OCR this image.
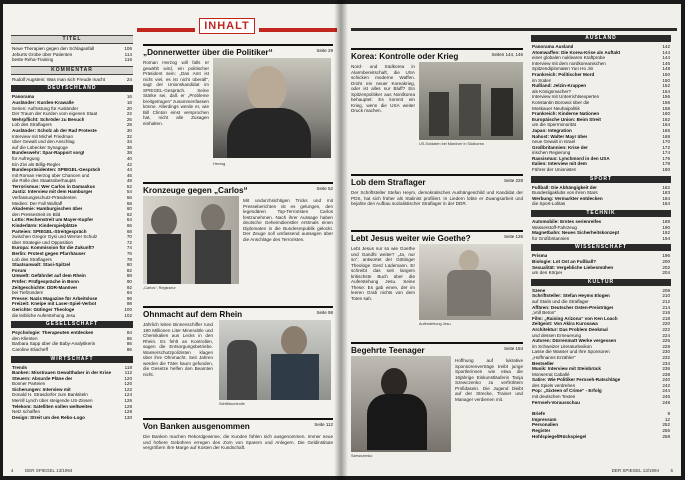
TITEL
Neue Therapien gegen den Schlaganfall	106
Jeburts Grobe über Patienten	114
beste Reha-Training	116
KOMMENTAR
Rudolf Augstein: Was man sich Freude macht	24
DEUTSCHLAND
Panorama	16
Ausländer: Kurden-Krawalle	18
Serien: Aufrüstung für Ausländer	20
Der Traum der Kurden vom eigenen Staat	22
Wehrpflicht: Schröder zu Besuch	26
Lob des Straflagers	28
Ausländer: Scholz ab der Rad Proteste	30
Interview mit Michel Friedman	32
über Gewalt und den Anschlag	34
auf die Lübecker Synagoge	36
Bundeswehr: Spar-Rapport sorgt	38
für Aufregung	40
Ein Zivi als Billig-Regler	42
Bundespräsidenten: SPIEGEL-Gespräch	44
mit Roman Herzog über Chancen und	46
die Rolle des Staatsoberhaupts	48
Terrorismus: Wer Carlos in Damaskus	52
Justiz: Interview mit dem Hamburger	54
Verfassungsschutz-Präsidenten	56
Medien: Der Fall Wallraff	58
Akademie: Hamburgischen über	60
den Pressestreit im Bild	62
Lotto: Rechenstreit um Mayer-Kupfer	64
Kinderlärm: Kinderspielplätze	66
Parteien: SPIEGEL-Streitgespräch	68
zwischen Gregor Gysi und Werner Schulz	70
über Strategie und Opposition	72
Europa: Kommission für die Zukunft?	74
Berlin: Protest gegen Pfarrhäuser	76
Lob des Straflagers	78
Staatsanwalt: Stasi-Spitzel	80
Forum	82
Umwelt: Gefährdet auf dem Rhein	88
Prüfer: Prüfgespräche in Bonn	90
Zeitgeschichte: DDR-Manöver	92
bei Tiefzündern	94
Presse: Nazis Magazine für Arbeitslose	96
Freizeit: Kneipe mit Laser-Spiel-Verbot	98
Gerichte: Gütinger Theologe	100
die leibliche Auferstehung Jesu	102
GESELLSCHAFT
Psychologie: Therapeuten entdecken	84
den Klienten	85
Barbara Sapp über die Baby-Analytikerin	86
Caroline Eliacheff	86
WIRTSCHAFT
Trends	118
Banken: Misstrauen Gewalthaber in der Krise	112
Steuern: Absurde Pläne der	120
Bonner Parteien	120
Sicherungen: Interview mit	122
Donald H. Strasdorfer zum Banktiteln	124
Merrill Lynch über steigende US-Zinsen	126
Telekom: Satelliten sollen weltweites	128
Netz schaffen	128
Design: Streit um den Rebo-Logo	130
INHALT
„Donnerwetter über die Politiker“	Seite 29

Roman Herzog will falls er gewählt wird, ein politischer Präsident sein: „Das Amt ist nicht viel, es ist nicht überall“, sagt der Unionskandidat im SPIEGEL-Gespräch. Seine Stärke sei, daß er „Probleme breitgetragen“ zusammenfassen könne. Allerdings werde er, wie Bill Clinton einst versprochen hat, nicht alle Zusagen einhalten.

Herzog
Kronzeuge gegen „Carlos“	Seite 52
„Carlos“, Regisseur

Mit undurchsichtigen Tricks und mit Presseberichten ist es gelungen, den legendären Top-Terroristen Carlos festzunehmen. Nach ihrer Aussage haben deutsche Geheimdienstler erstmals einen Diplomaten in die Bundesrepublik gelockt. Der Zeuge soll umfassend aussagen über die Anschläge des Terroristen.

Ohnmacht auf dem Rhein	Seite 98

Jährlich leiten Binnenschiffer rund 180 Millionen Liter Mineralöle und Chemikalien aus Lecks in den Rhein. Es fehlt an Kontrollen, sagen die Entsorgungsbetriebe. Wasserschutzpolizisten klagen über ihre Ohnmacht. Seit Jahren werden die Täter kaum gefunden, die Gesetze helfen den Beamten nicht.

Schiffskontrolle
Von Banken ausgenommen	Seite 112

Die Banken machen Rekordgewinne, die Kunden fühlen sich ausgenommen. Immer neue und höhere Gebühren erregen den Zorn von Sparern und Anlegern. Die Geldinstitute vergrößern ihre Marge auf Kosten der Kundschaft.

4	DER SPIEGEL 13/1994
Korea: Kontrolle oder Krieg	Seiten 144, 146

Nord- und Südkorea in Alarmbereitschaft, die USA schicken moderne Waffen. Droht ein neuer Koreakrieg, oder ist alles nur Bluff? Ein Spitzenpolitiker aus Nordkorea behauptet: Es kommt ein Krieg, wenn die USA weiter Druck machen.

US-Soldaten bei Manöver in Südkorea
Lob dem Straflager	Seite 228

Der Schriftsteller Stefan Heym, demokratisches Aushängeschild und Kandidat der PDS, hat sich früher als Stalinist profiliert. In Liedern lobte er Zwangsarbeit und bejahte den Aufbau sozialistischer Straflager in der DDR.

Lebt Jesus weiter wie Goethe?	Seite 126

Lebt Jesus nur so wie Goethe und Gandhi weiter? „Ja, nur so“, antwortet der Göttinger Theologe Gerd Lüdemann. Er schreibt das seit langem kritischste Buch über die Auferstehung Jesu. Seine These: Es gab einen, der im leeren Grab nichts von dem Toten sah.

Auferstehung Jesu
Begehrte Teenager	Seite 184
Szewczenko

Hoffnung auf lukrative Sponsorenverträge treibt junge Sportlerinnen wie etwa die 16jährige Eiskunstläuferin Tanja Szewczenko zu verfrühtem Profidasein. Die Jugend bleibt auf der Strecke, Trainer und Manager verdienen mit.

AUSLAND
Panorama Ausland	142
Atomwaffen: Die Korea-Krise als Auftakt	144
einer globalen nuklearen Kraftprobe	144
Interview mit dem nordkoreanischen	146
Spitzendiplomaten Yun Ho Jin	148
Frankreich: Politischer Mord	150
im Süden	150
Rußland: Jelzin-Krappen	152
als Königsmacher?	154
Interview mit Unterrichtsexperten	156
Konstantin Borowoi über die	156
Moskauer Neuhaipolitik	158
Frankreich: Kinderne Nationen	160
Europäische Union: Beim Streit	162
um die Sperrminorität	164
Japan: Integration	166
Nahost: Walter Mayr über	168
neue Gewalt in Israel	170
Großbritannien: Krise der	172
irischen Regierung	174
Rassismus: Lynchmord in den USA	176
Italien: Interview mit dem	178
Führer der Unionisten	180
SPORT
Fußball: Die Abhängigkeit der	182
Bundesligaklubs von ihren Stars	183
Werbung: Vermarkter entdecken	184
die Sport-Lolitas	184
TECHNIK
Automobile: Erstes serienreifes	188
Wasserstoff-Fahrzeug	190
Magnetbahn: Neues Sicherheitskonzept	192
für Großbritannien	194
WISSENSCHAFT
Prisma	196
Biologie: Lot Ost an Fußball?	200
Sexualität: Vergebliche Liebesmühen	202
um den Körper	204
KULTUR
Szene	208
Schriftsteller: Stefan Heyms Elogen	210
auf Stalin und die Straflager	212
Affären: Deutscher Osten-Preisträger	214
„Voll Beton“	216
Film: „Raising Arizona“ von Ken Loach	218
Zeitgeist: Von Akira Kurosawa	220
Architektur: Das Problem Denkmal	222
und dessen Erneuerung	224
Autoren: Dürrenmatt Werke vergessen	226
im Schweizer Literaturlexikon	228
Lasse die Wasser und ihre Sponsoren	230
„Hoffmanns Erzähler“	232
Bestseller	234
Musik: Interview mit Steinbrück	236
Monserrat Caballé	238
Satire: Wie Politiker Fernseh-Ratschläge	240
des Spiels verdrehen	242
Pop: „Sixteen of Crime“ - Erfolg	244
mit deutschen Texten	246
Fernseh-Vorausschau	248
Briefe	9
Impressum	12
Personalien	252
Register	256
Hohlspiegel/Rückspiegel	258
DER SPIEGEL 13/1994	5
